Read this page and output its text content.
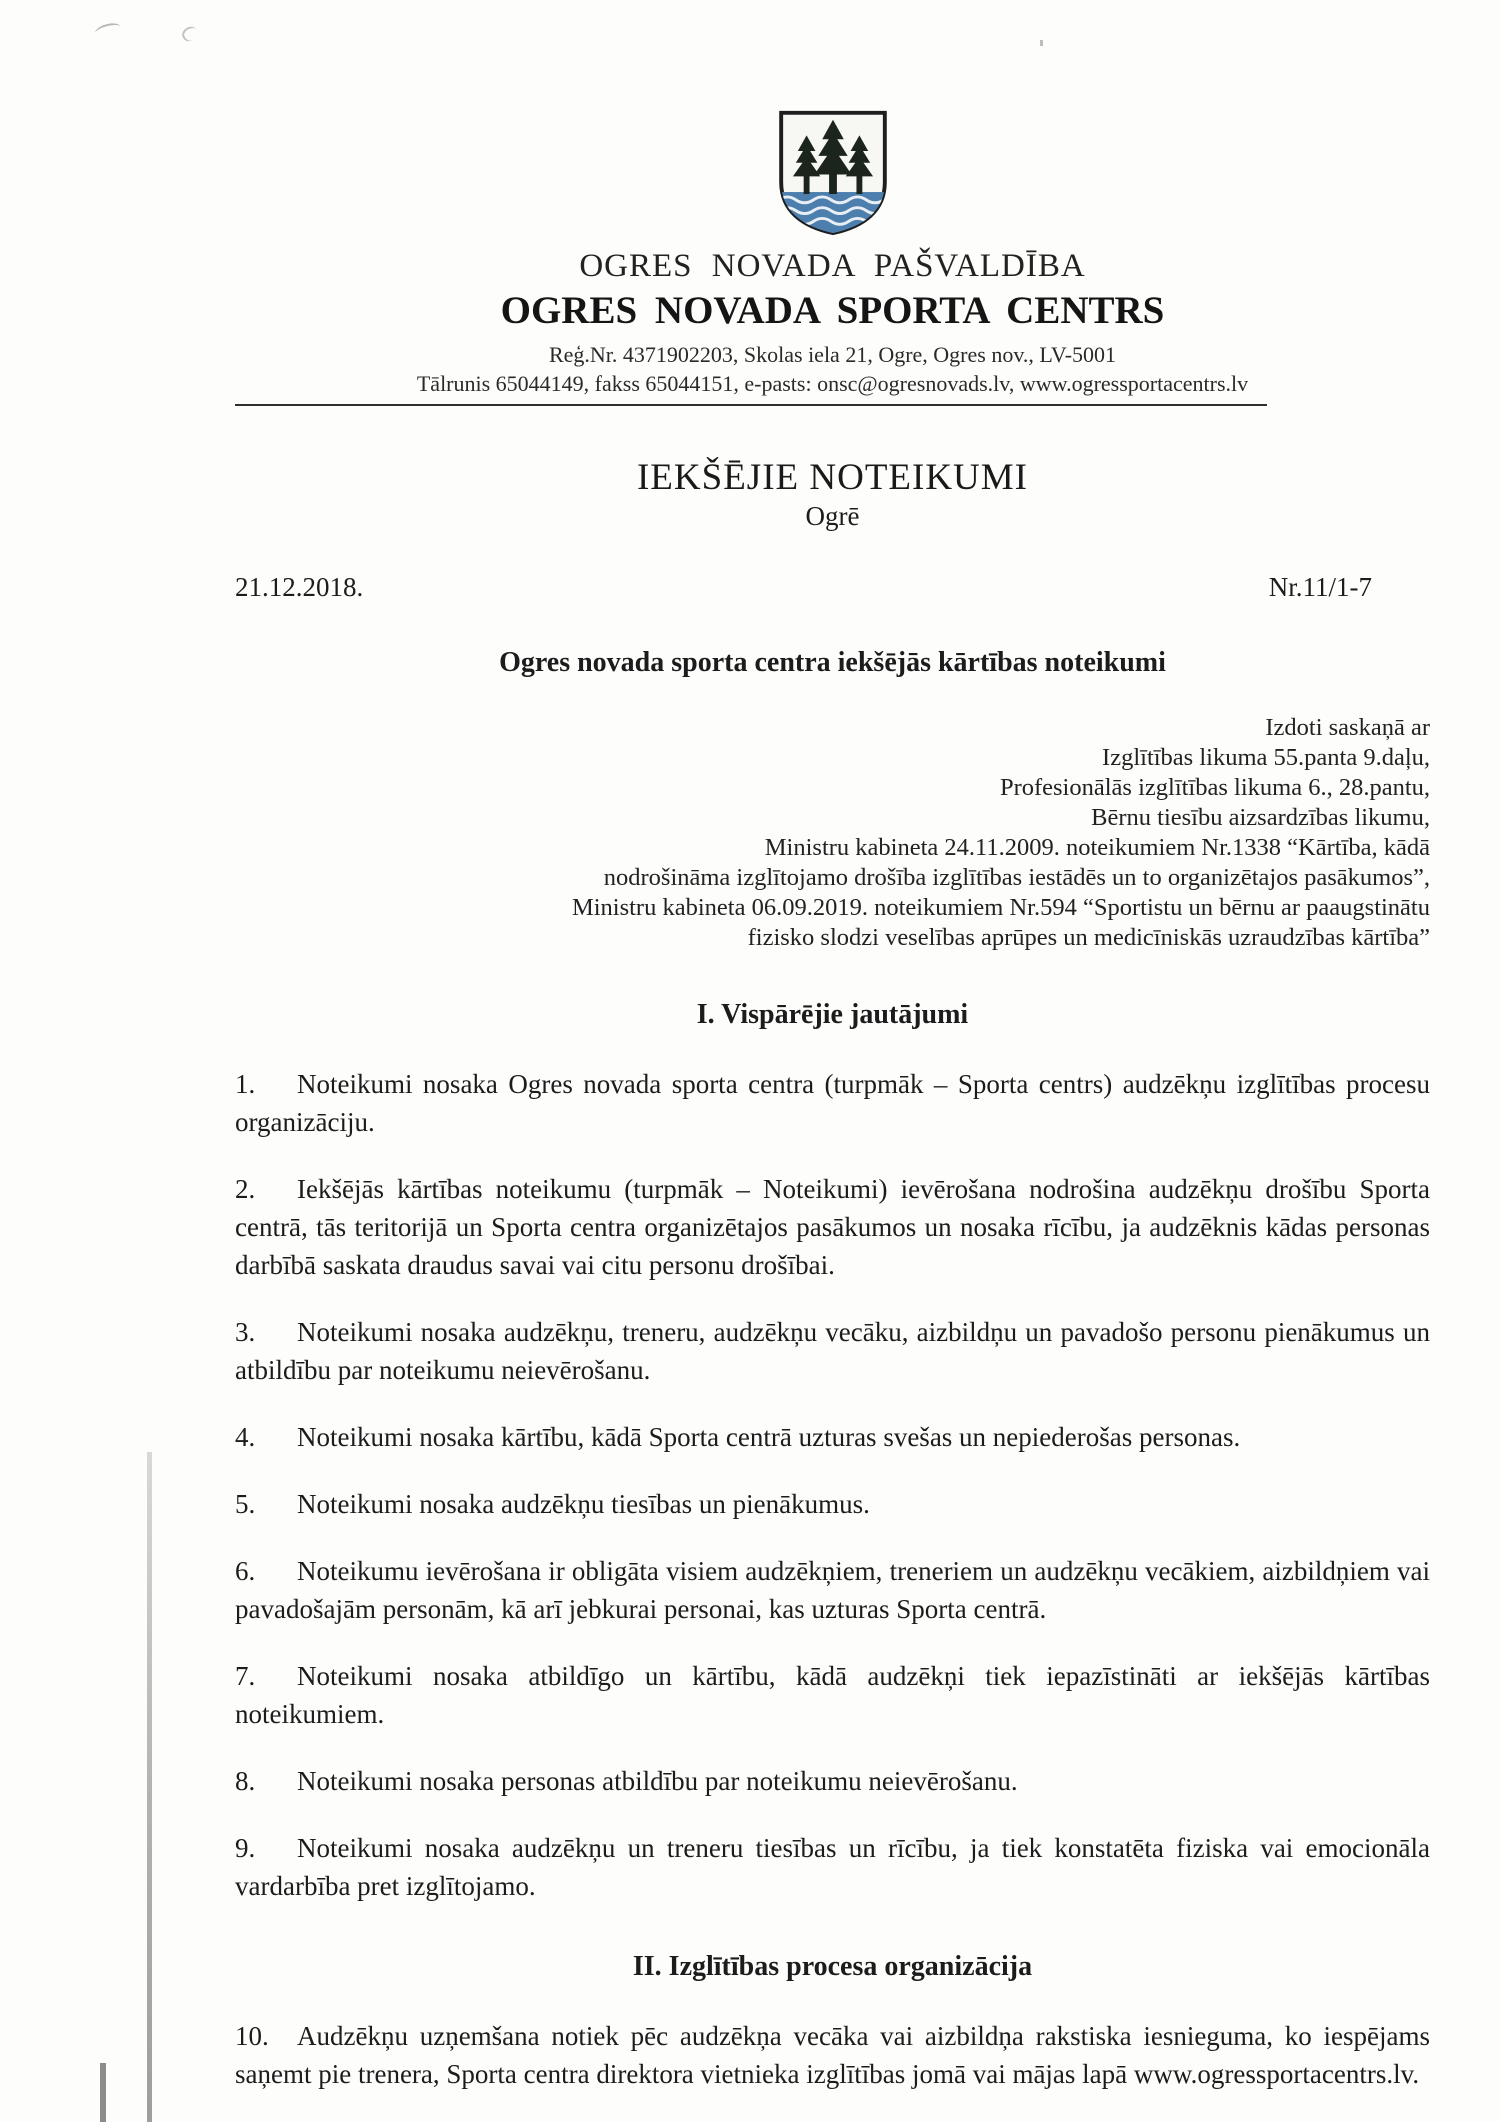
OGRES NOVADA PAŠVALDĪBA
OGRES NOVADA SPORTA CENTRS
Reģ.Nr. 4371902203, Skolas iela 21, Ogre, Ogres nov., LV-5001
Tālrunis 65044149, fakss 65044151, e-pasts: onsc@ogresnovads.lv, www.ogressportacentrs.lv
IEKŠĒJIE NOTEIKUMI
Ogrē
21.12.2018.	Nr.11/1-7
Ogres novada sporta centra iekšējās kārtības noteikumi
Izdoti saskaņā ar
Izglītības likuma 55.panta 9.daļu,
Profesionālās izglītības likuma 6., 28.pantu,
Bērnu tiesību aizsardzības likumu,
Ministru kabineta 24.11.2009. noteikumiem Nr.1338 “Kārtība, kādā
nodrošināma izglītojamo drošība izglītības iestādēs un to organizētajos pasākumos”,
Ministru kabineta 06.09.2019. noteikumiem Nr.594 “Sportistu un bērnu ar paaugstinātu
fizisko slodzi veselības aprūpes un medicīniskās uzraudzības kārtība”
I. Vispārējie jautājumi

1. Noteikumi nosaka Ogres novada sporta centra (turpmāk – Sporta centrs) audzēkņu izglītības procesu organizāciju.

2. Iekšējās kārtības noteikumu (turpmāk – Noteikumi) ievērošana nodrošina audzēkņu drošību Sporta centrā, tās teritorijā un Sporta centra organizētajos pasākumos un nosaka rīcību, ja audzēknis kādas personas darbībā saskata draudus savai vai citu personu drošībai.

3. Noteikumi nosaka audzēkņu, treneru, audzēkņu vecāku, aizbildņu un pavadošo personu pienākumus un atbildību par noteikumu neievērošanu.

4. Noteikumi nosaka kārtību, kādā Sporta centrā uzturas svešas un nepiederošas personas.

5. Noteikumi nosaka audzēkņu tiesības un pienākumus.

6. Noteikumu ievērošana ir obligāta visiem audzēkņiem, treneriem un audzēkņu vecākiem, aizbildņiem vai pavadošajām personām, kā arī jebkurai personai, kas uzturas Sporta centrā.

7. Noteikumi nosaka atbildīgo un kārtību, kādā audzēkņi tiek iepazīstināti ar iekšējās kārtības noteikumiem.

8. Noteikumi nosaka personas atbildību par noteikumu neievērošanu.

9. Noteikumi nosaka audzēkņu un treneru tiesības un rīcību, ja tiek konstatēta fiziska vai emocionāla vardarbība pret izglītojamo.

II. Izglītības procesa organizācija

10. Audzēkņu uzņemšana notiek pēc audzēkņa vecāka vai aizbildņa rakstiska iesnieguma, ko iespējams saņemt pie trenera, Sporta centra direktora vietnieka izglītības jomā vai mājas lapā www.ogressportacentrs.lv.
